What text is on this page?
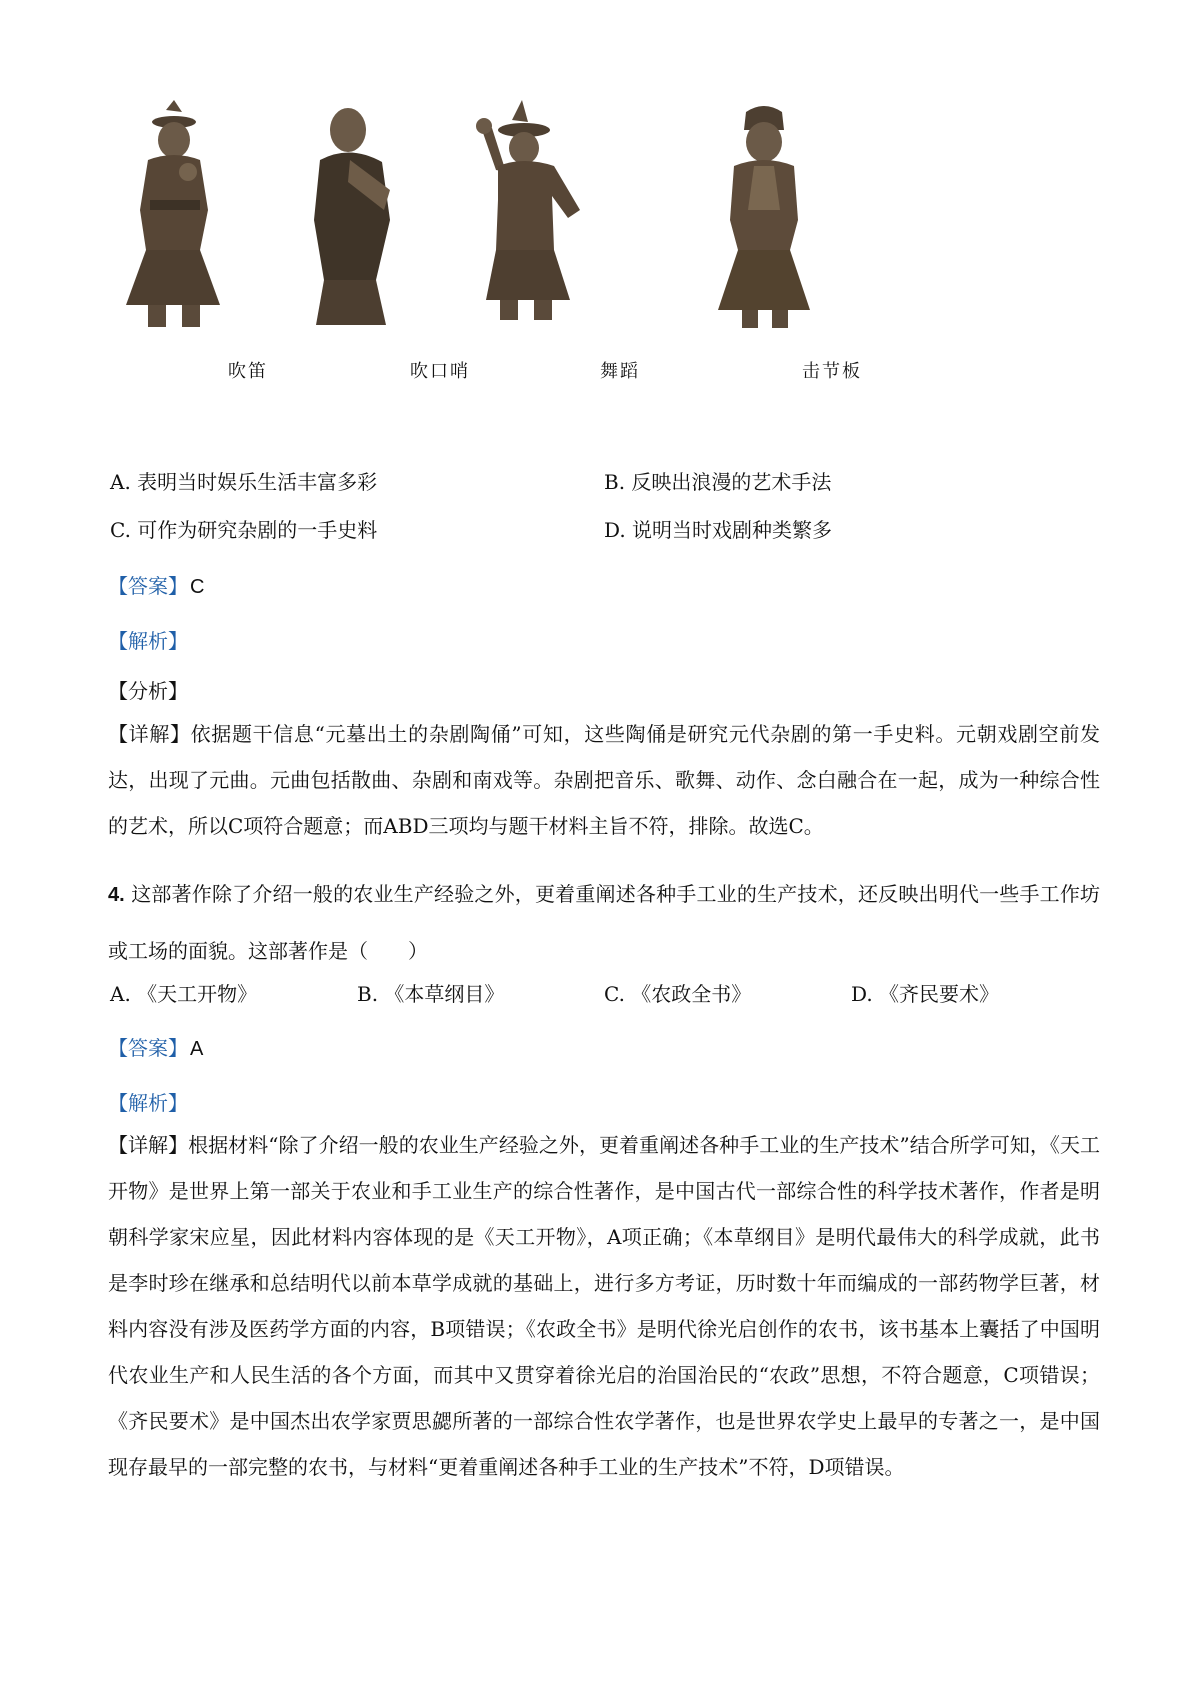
吹笛	吹口哨	舞蹈	击节板
A. 表明当时娱乐生活丰富多彩	B. 反映出浪漫的艺术手法
C. 可作为研究杂剧的一手史料	D. 说明当时戏剧种类繁多
【答案】 C
【解析】
【分析】
【详解】依据题干信息“元墓出土的杂剧陶俑”可知，这些陶俑是研究元代杂剧的第一手史料。元朝戏剧空前发达，出现了元曲。元曲包括散曲、杂剧和南戏等。杂剧把音乐、歌舞、动作、念白融合在一起，成为一种综合性的艺术，所以C项符合题意；而ABD三项均与题干材料主旨不符，排除。故选C。
4. 这部著作除了介绍一般的农业生产经验之外，更着重阐述各种手工业的生产技术，还反映出明代一些手工作坊或工场的面貌。这部著作是（　　）
A. 《天工开物》	B. 《本草纲目》	C. 《农政全书》	D. 《齐民要术》
【答案】 A
【解析】
【详解】根据材料“除了介绍一般的农业生产经验之外，更着重阐述各种手工业的生产技术”结合所学可知，《天工开物》是世界上第一部关于农业和手工业生产的综合性著作，是中国古代一部综合性的科学技术著作，作者是明朝科学家宋应星，因此材料内容体现的是《天工开物》，A项正确；《本草纲目》是明代最伟大的科学成就，此书是李时珍在继承和总结明代以前本草学成就的基础上，进行多方考证，历时数十年而编成的一部药物学巨著，材料内容没有涉及医药学方面的内容，B项错误；《农政全书》是明代徐光启创作的农书，该书基本上囊括了中国明代农业生产和人民生活的各个方面，而其中又贯穿着徐光启的治国治民的“农政”思想，不符合题意，C项错误；《齐民要术》是中国杰出农学家贾思勰所著的一部综合性农学著作，也是世界农学史上最早的专著之一，是中国现存最早的一部完整的农书，与材料“更着重阐述各种手工业的生产技术”不符，D项错误。
